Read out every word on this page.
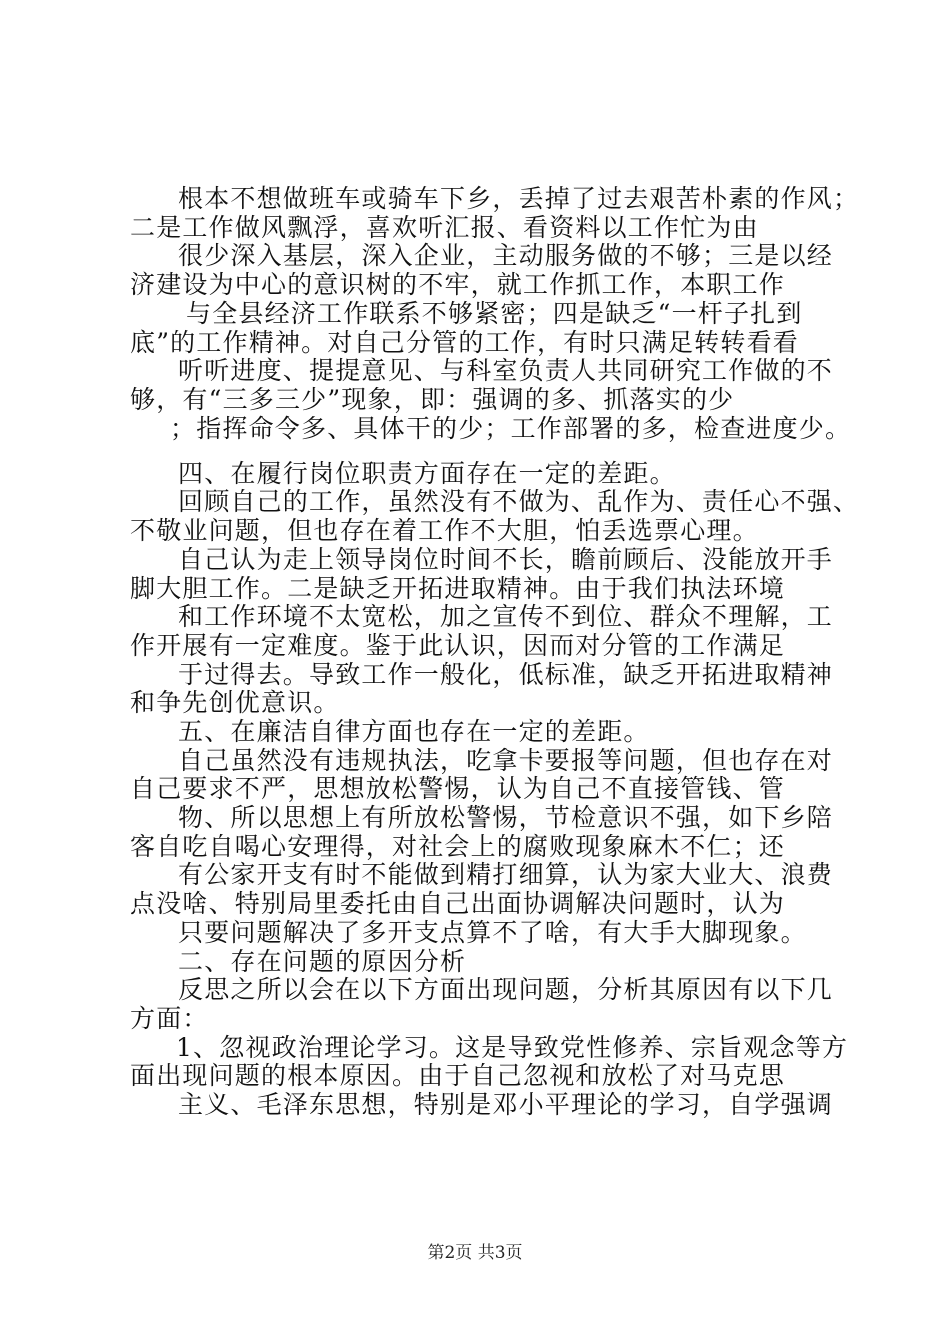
根本不想做班车或骑车下乡，丢掉了过去艰苦朴素的作风；
二是工作做风飘浮，喜欢听汇报、看资料以工作忙为由
很少深入基层，深入企业，主动服务做的不够；三是以经
济建设为中心的意识树的不牢，就工作抓工作，本职工作
与全县经济工作联系不够紧密；四是缺乏“一杆子扎到
底”的工作精神。对自己分管的工作，有时只满足转转看看
听听进度、提提意见、与科室负责人共同研究工作做的不
够，有“三多三少”现象，即：强调的多、抓落实的少
；指挥命令多、具体干的少；工作部署的多，检查进度少。
四、在履行岗位职责方面存在一定的差距。
回顾自己的工作，虽然没有不做为、乱作为、责任心不强、
不敬业问题，但也存在着工作不大胆，怕丢选票心理。
自己认为走上领导岗位时间不长，瞻前顾后、没能放开手
脚大胆工作。二是缺乏开拓进取精神。由于我们执法环境
和工作环境不太宽松，加之宣传不到位、群众不理解，工
作开展有一定难度。鉴于此认识，因而对分管的工作满足
于过得去。导致工作一般化，低标准，缺乏开拓进取精神
和争先创优意识。
五、在廉洁自律方面也存在一定的差距。
自己虽然没有违规执法，吃拿卡要报等问题，但也存在对
自己要求不严，思想放松警惕，认为自己不直接管钱、管
物、所以思想上有所放松警惕，节检意识不强，如下乡陪
客自吃自喝心安理得，对社会上的腐败现象麻木不仁；还
有公家开支有时不能做到精打细算，认为家大业大、浪费
点没啥、特别局里委托由自己出面协调解决问题时，认为
只要问题解决了多开支点算不了啥，有大手大脚现象。
二、存在问题的原因分析
反思之所以会在以下方面出现问题，分析其原因有以下几
方面：
1、忽视政治理论学习。这是导致党性修养、宗旨观念等方
面出现问题的根本原因。由于自己忽视和放松了对马克思
主义、毛泽东思想，特别是邓小平理论的学习，自学强调
第2页 共3页
